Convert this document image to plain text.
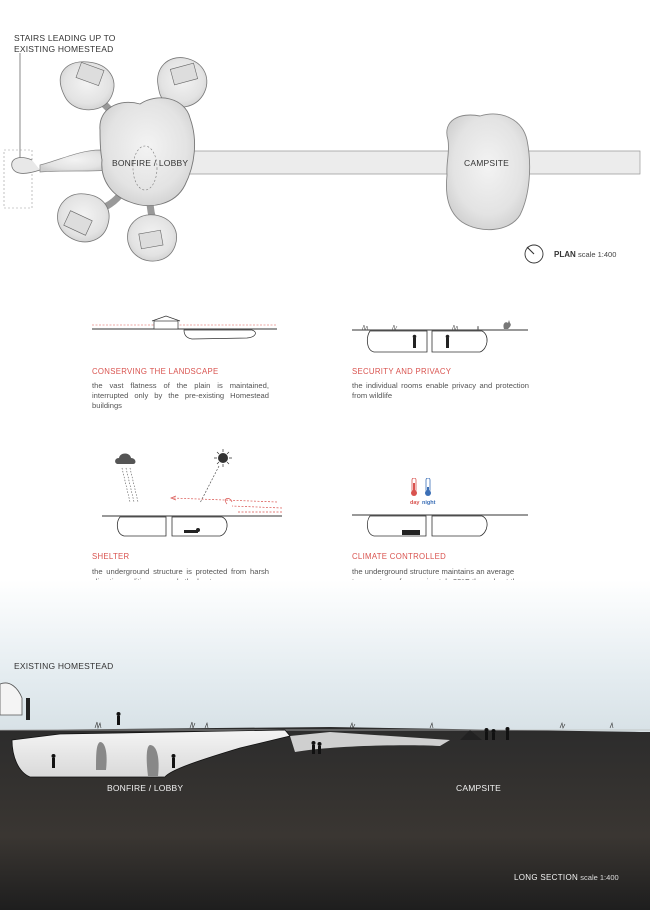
STAIRS LEADING UP TO
EXISTING HOMESTEAD
BONFIRE / LOBBY	CAMPSITE
PLAN scale 1:400
CONSERVING THE LANDSCAPE
the vast flatness of the plain is maintained, interrupted only by the pre-existing Homestead buildings
SECURITY AND PRIVACY
the individual rooms enable privacy and protection from wildlife
SHELTER
the underground structure is protected from harsh
day night
CLIMATE CONTROLLED
the underground structure maintains an average
EXISTING HOMESTEAD
BONFIRE / LOBBY	CAMPSITE
LONG SECTION scale 1:400
